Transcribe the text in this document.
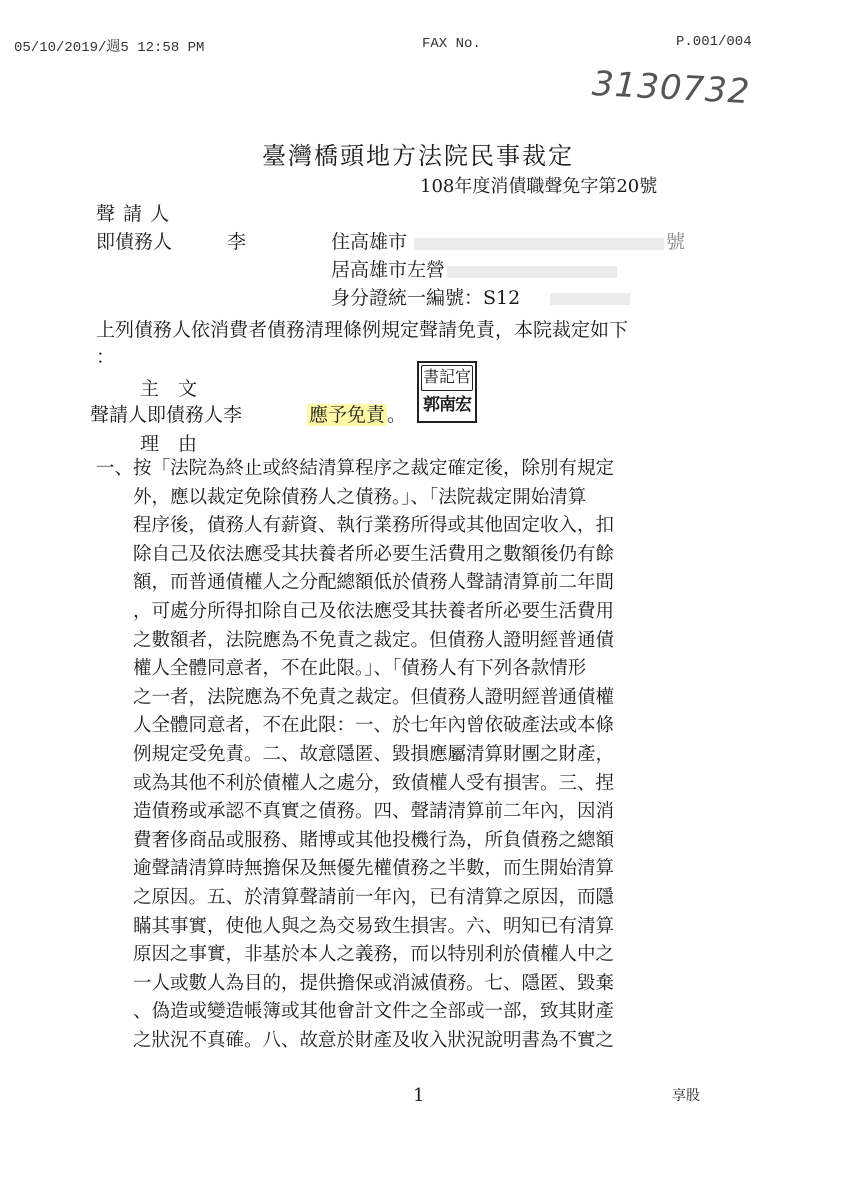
05/10/2019/週5 12:58 PM	FAX No.	P.001/004
3130732
臺灣橋頭地方法院民事裁定
108年度消債職聲免字第20號
聲 請 人
即債務人	李	住高雄市	號
居高雄市左營
身分證統一編號：S12
上列債務人依消費者債務清理條例規定聲請免責，本院裁定如下
：
主　文
聲請人即債務人李	應予免責 。
書記官
郭南宏
理　由
一、按「法院為終止或終結清算程序之裁定確定後，除別有規定
　　外，應以裁定免除債務人之債務。」、「法院裁定開始清算
　　程序後，債務人有薪資、執行業務所得或其他固定收入，扣
　　除自己及依法應受其扶養者所必要生活費用之數額後仍有餘
　　額，而普通債權人之分配總額低於債務人聲請清算前二年間
　　，可處分所得扣除自己及依法應受其扶養者所必要生活費用
　　之數額者，法院應為不免責之裁定。但債務人證明經普通債
　　權人全體同意者，不在此限。」、「債務人有下列各款情形
　　之一者，法院應為不免責之裁定。但債務人證明經普通債權
　　人全體同意者，不在此限：一、於七年內曾依破產法或本條
　　例規定受免責。二、故意隱匿、毀損應屬清算財團之財產，
　　或為其他不利於債權人之處分，致債權人受有損害。三、捏
　　造債務或承認不真實之債務。四、聲請清算前二年內，因消
　　費奢侈商品或服務、賭博或其他投機行為，所負債務之總額
　　逾聲請清算時無擔保及無優先權債務之半數，而生開始清算
　　之原因。五、於清算聲請前一年內，已有清算之原因，而隱
　　瞞其事實，使他人與之為交易致生損害。六、明知已有清算
　　原因之事實，非基於本人之義務，而以特別利於債權人中之
　　一人或數人為目的，提供擔保或消滅債務。七、隱匿、毀棄
　　、偽造或變造帳簿或其他會計文件之全部或一部，致其財產
　　之狀況不真確。八、故意於財產及收入狀況說明書為不實之
1	享股
